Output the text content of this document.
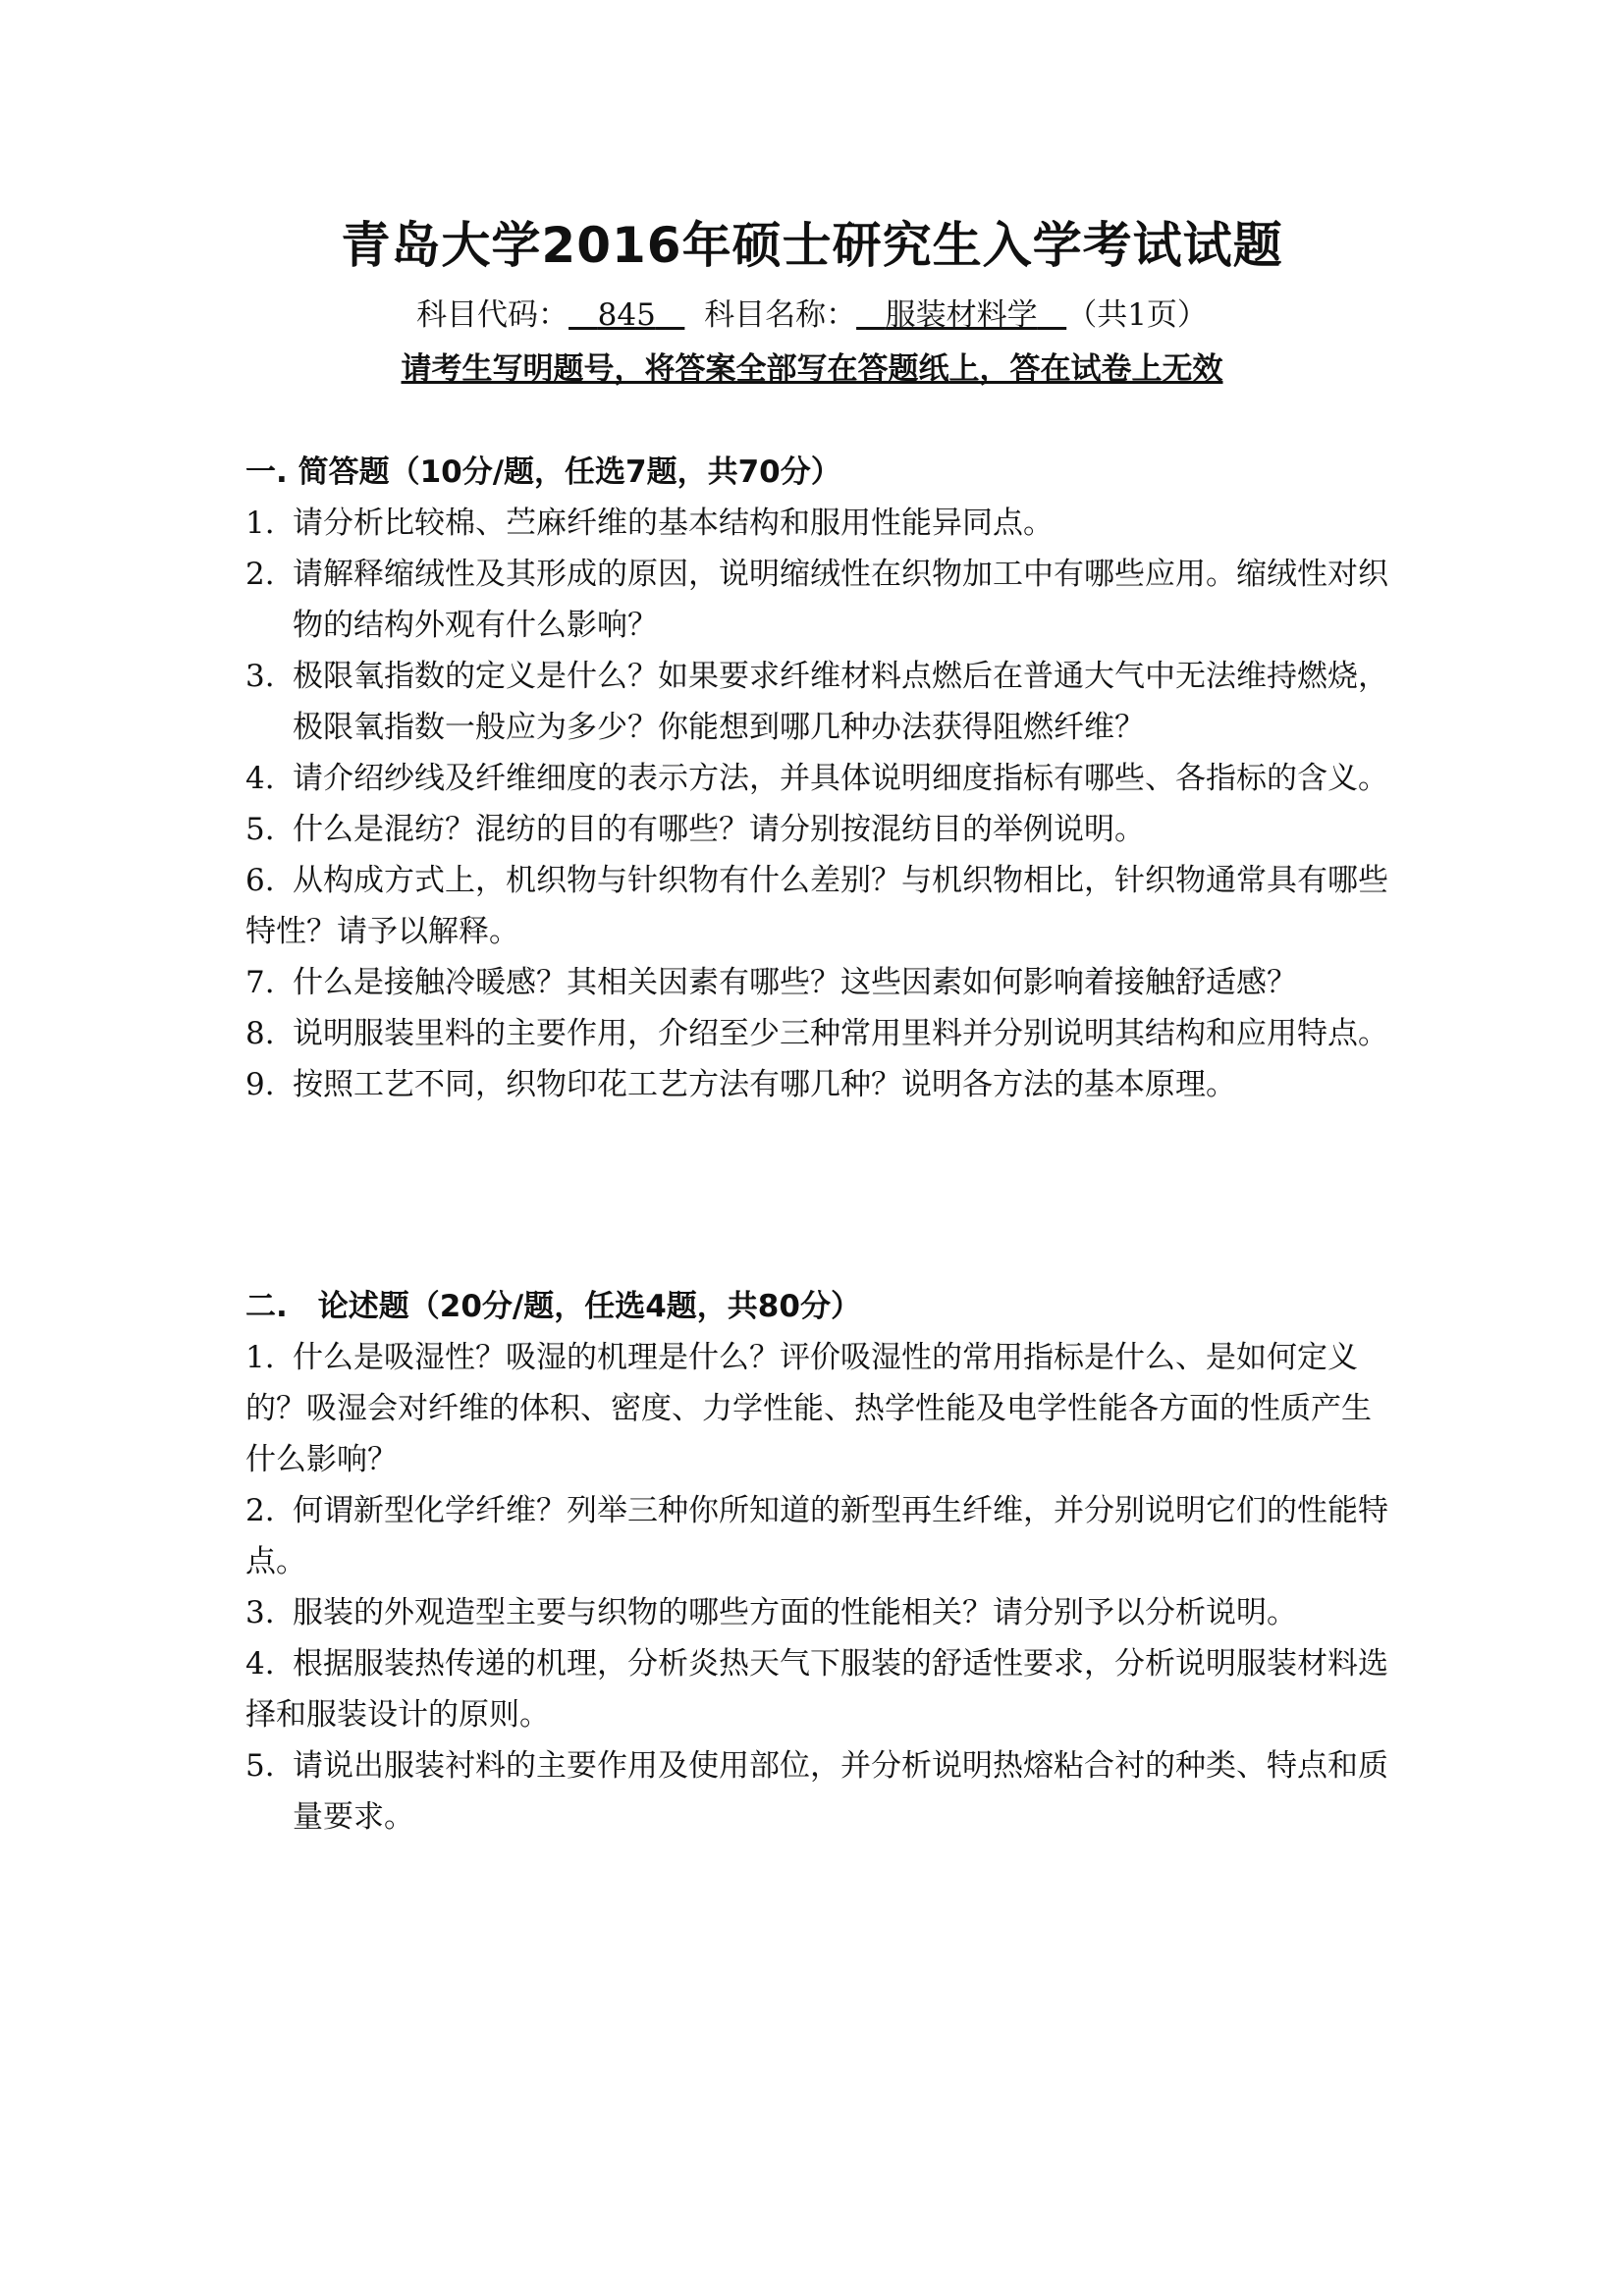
青岛大学2016年硕士研究生入学考试试题
科目代码： 845 科目名称： 服装材料学 （共1页）
请考生写明题号，将答案全部写在答题纸上，答在试卷上无效
一. 简答题（10分/题，任选7题，共70分）

1. 请分析比较棉、苎麻纤维的基本结构和服用性能异同点。

2. 请解释缩绒性及其形成的原因，说明缩绒性在织物加工中有哪些应用。缩绒性对织物的结构外观有什么影响？

3. 极限氧指数的定义是什么？如果要求纤维材料点燃后在普通大气中无法维持燃烧，极限氧指数一般应为多少？你能想到哪几种办法获得阻燃纤维？

4. 请介绍纱线及纤维细度的表示方法，并具体说明细度指标有哪些、各指标的含义。

5. 什么是混纺？混纺的目的有哪些？请分别按混纺目的举例说明。

6. 从构成方式上，机织物与针织物有什么差别？与机织物相比，针织物通常具有哪些特性？请予以解释。

7. 什么是接触冷暖感？其相关因素有哪些？这些因素如何影响着接触舒适感？

8. 说明服装里料的主要作用，介绍至少三种常用里料并分别说明其结构和应用特点。

9. 按照工艺不同，织物印花工艺方法有哪几种？说明各方法的基本原理。

二.　论述题（20分/题，任选4题，共80分）

1. 什么是吸湿性？吸湿的机理是什么？评价吸湿性的常用指标是什么、是如何定义的？吸湿会对纤维的体积、密度、力学性能、热学性能及电学性能各方面的性质产生什么影响？

2. 何谓新型化学纤维？列举三种你所知道的新型再生纤维，并分别说明它们的性能特点。

3. 服装的外观造型主要与织物的哪些方面的性能相关？请分别予以分析说明。

4. 根据服装热传递的机理，分析炎热天气下服装的舒适性要求，分析说明服装材料选择和服装设计的原则。

5. 请说出服装衬料的主要作用及使用部位，并分析说明热熔粘合衬的种类、特点和质量要求。
